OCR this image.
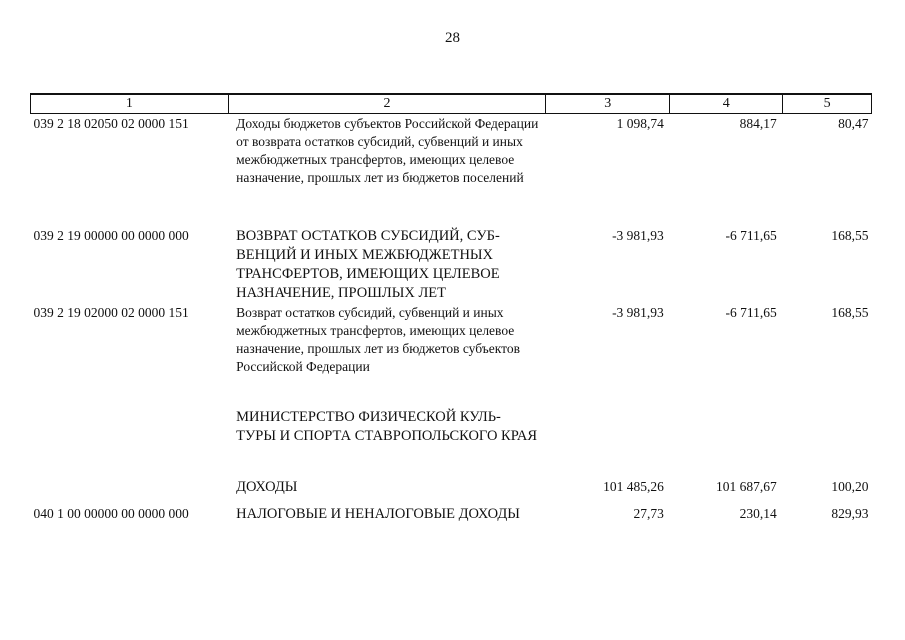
28
1	2	3	4	5
039 2 18 02050 02 0000 151	Доходы бюджетов субъектов Российской Федерации от возврата остатков субсидий, субвенций и иных межбюджетных трансфертов, имеющих целевое назначение, прошлых лет из бюджетов поселений	1 098,74	884,17	80,47
039 2 19 00000 00 0000 000	ВОЗВРАТ ОСТАТКОВ СУБСИДИЙ, СУБ-ВЕНЦИЙ И ИНЫХ МЕЖБЮДЖЕТНЫХ ТРАНСФЕРТОВ, ИМЕЮЩИХ ЦЕЛЕВОЕ НАЗНАЧЕНИЕ, ПРОШЛЫХ ЛЕТ	-3 981,93	-6 711,65	168,55
039 2 19 02000 02 0000 151	Возврат остатков субсидий, субвенций и иных межбюджетных трансфертов, имеющих целевое назначение, прошлых лет из бюджетов субъектов Российской Федерации	-3 981,93	-6 711,65	168,55
	МИНИСТЕРСТВО ФИЗИЧЕСКОЙ КУЛЬ-ТУРЫ И СПОРТА СТАВРОПОЛЬСКОГО КРАЯ			
	ДОХОДЫ	101 485,26	101 687,67	100,20
040 1 00 00000 00 0000 000	НАЛОГОВЫЕ И НЕНАЛОГОВЫЕ ДОХОДЫ	27,73	230,14	829,93
